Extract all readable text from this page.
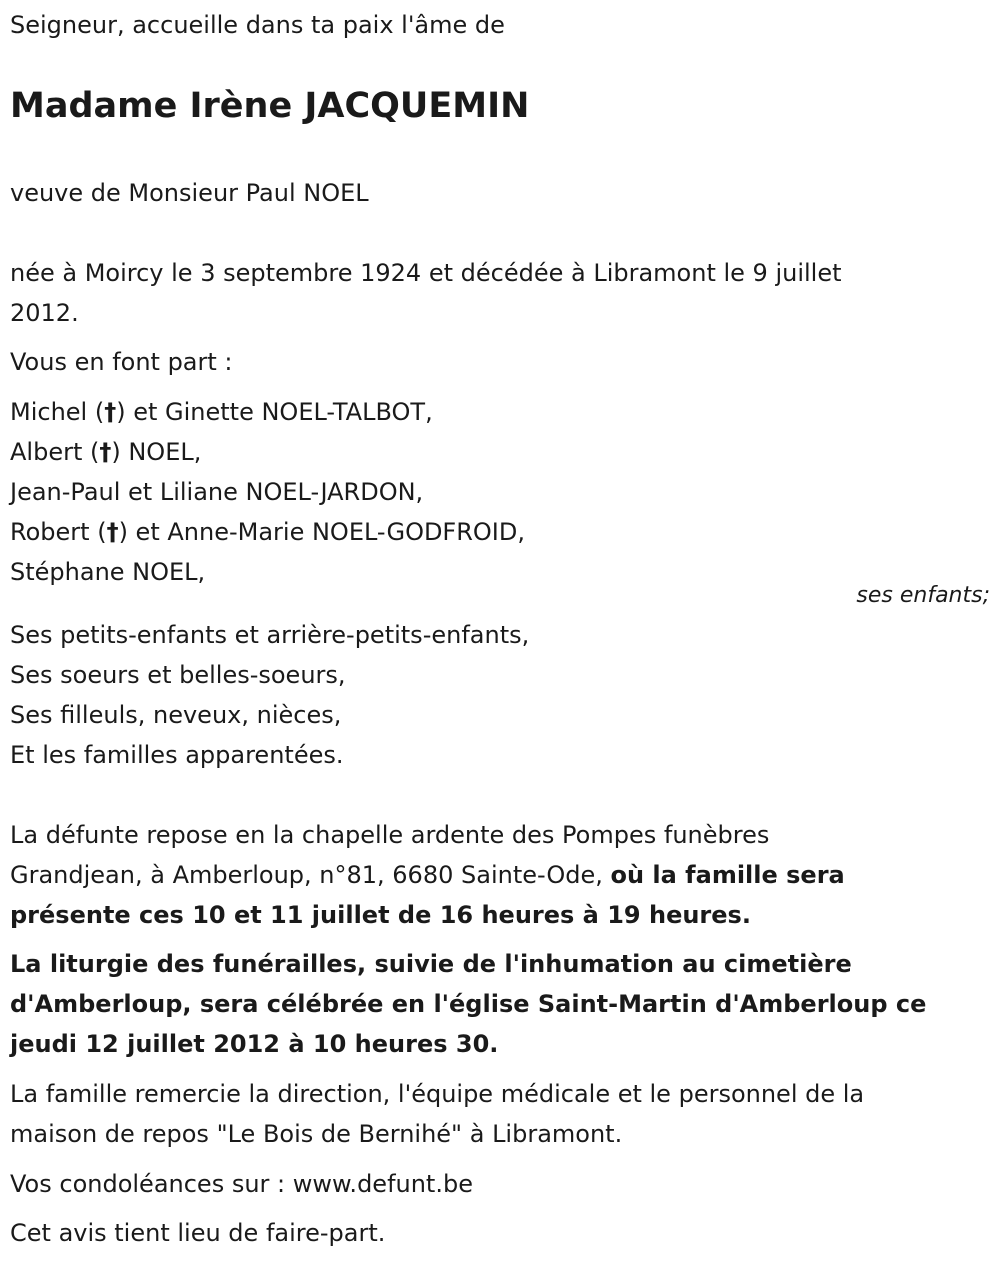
Seigneur, accueille dans ta paix l'âme de
Madame Irène JACQUEMIN
veuve de Monsieur Paul NOEL
née à Moircy le 3 septembre 1924 et décédée à Libramont le 9 juillet
2012.
Vous en font part :
Michel (†) et Ginette NOEL-TALBOT,
Albert (†) NOEL,
Jean-Paul et Liliane NOEL-JARDON,
Robert (†) et Anne-Marie NOEL-GODFROID,
Stéphane NOEL,
ses enfants;
Ses petits-enfants et arrière-petits-enfants,
Ses soeurs et belles-soeurs,
Ses filleuls, neveux, nièces,
Et les familles apparentées.
La défunte repose en la chapelle ardente des Pompes funèbres
Grandjean, à Amberloup, n°81, 6680 Sainte-Ode, où la famille sera
présente ces 10 et 11 juillet de 16 heures à 19 heures.
La liturgie des funérailles, suivie de l'inhumation au cimetière
d'Amberloup, sera célébrée en l'église Saint-Martin d'Amberloup ce
jeudi 12 juillet 2012 à 10 heures 30.
La famille remercie la direction, l'équipe médicale et le personnel de la
maison de repos "Le Bois de Bernihé" à Libramont.
Vos condoléances sur : www.defunt.be
Cet avis tient lieu de faire-part.
